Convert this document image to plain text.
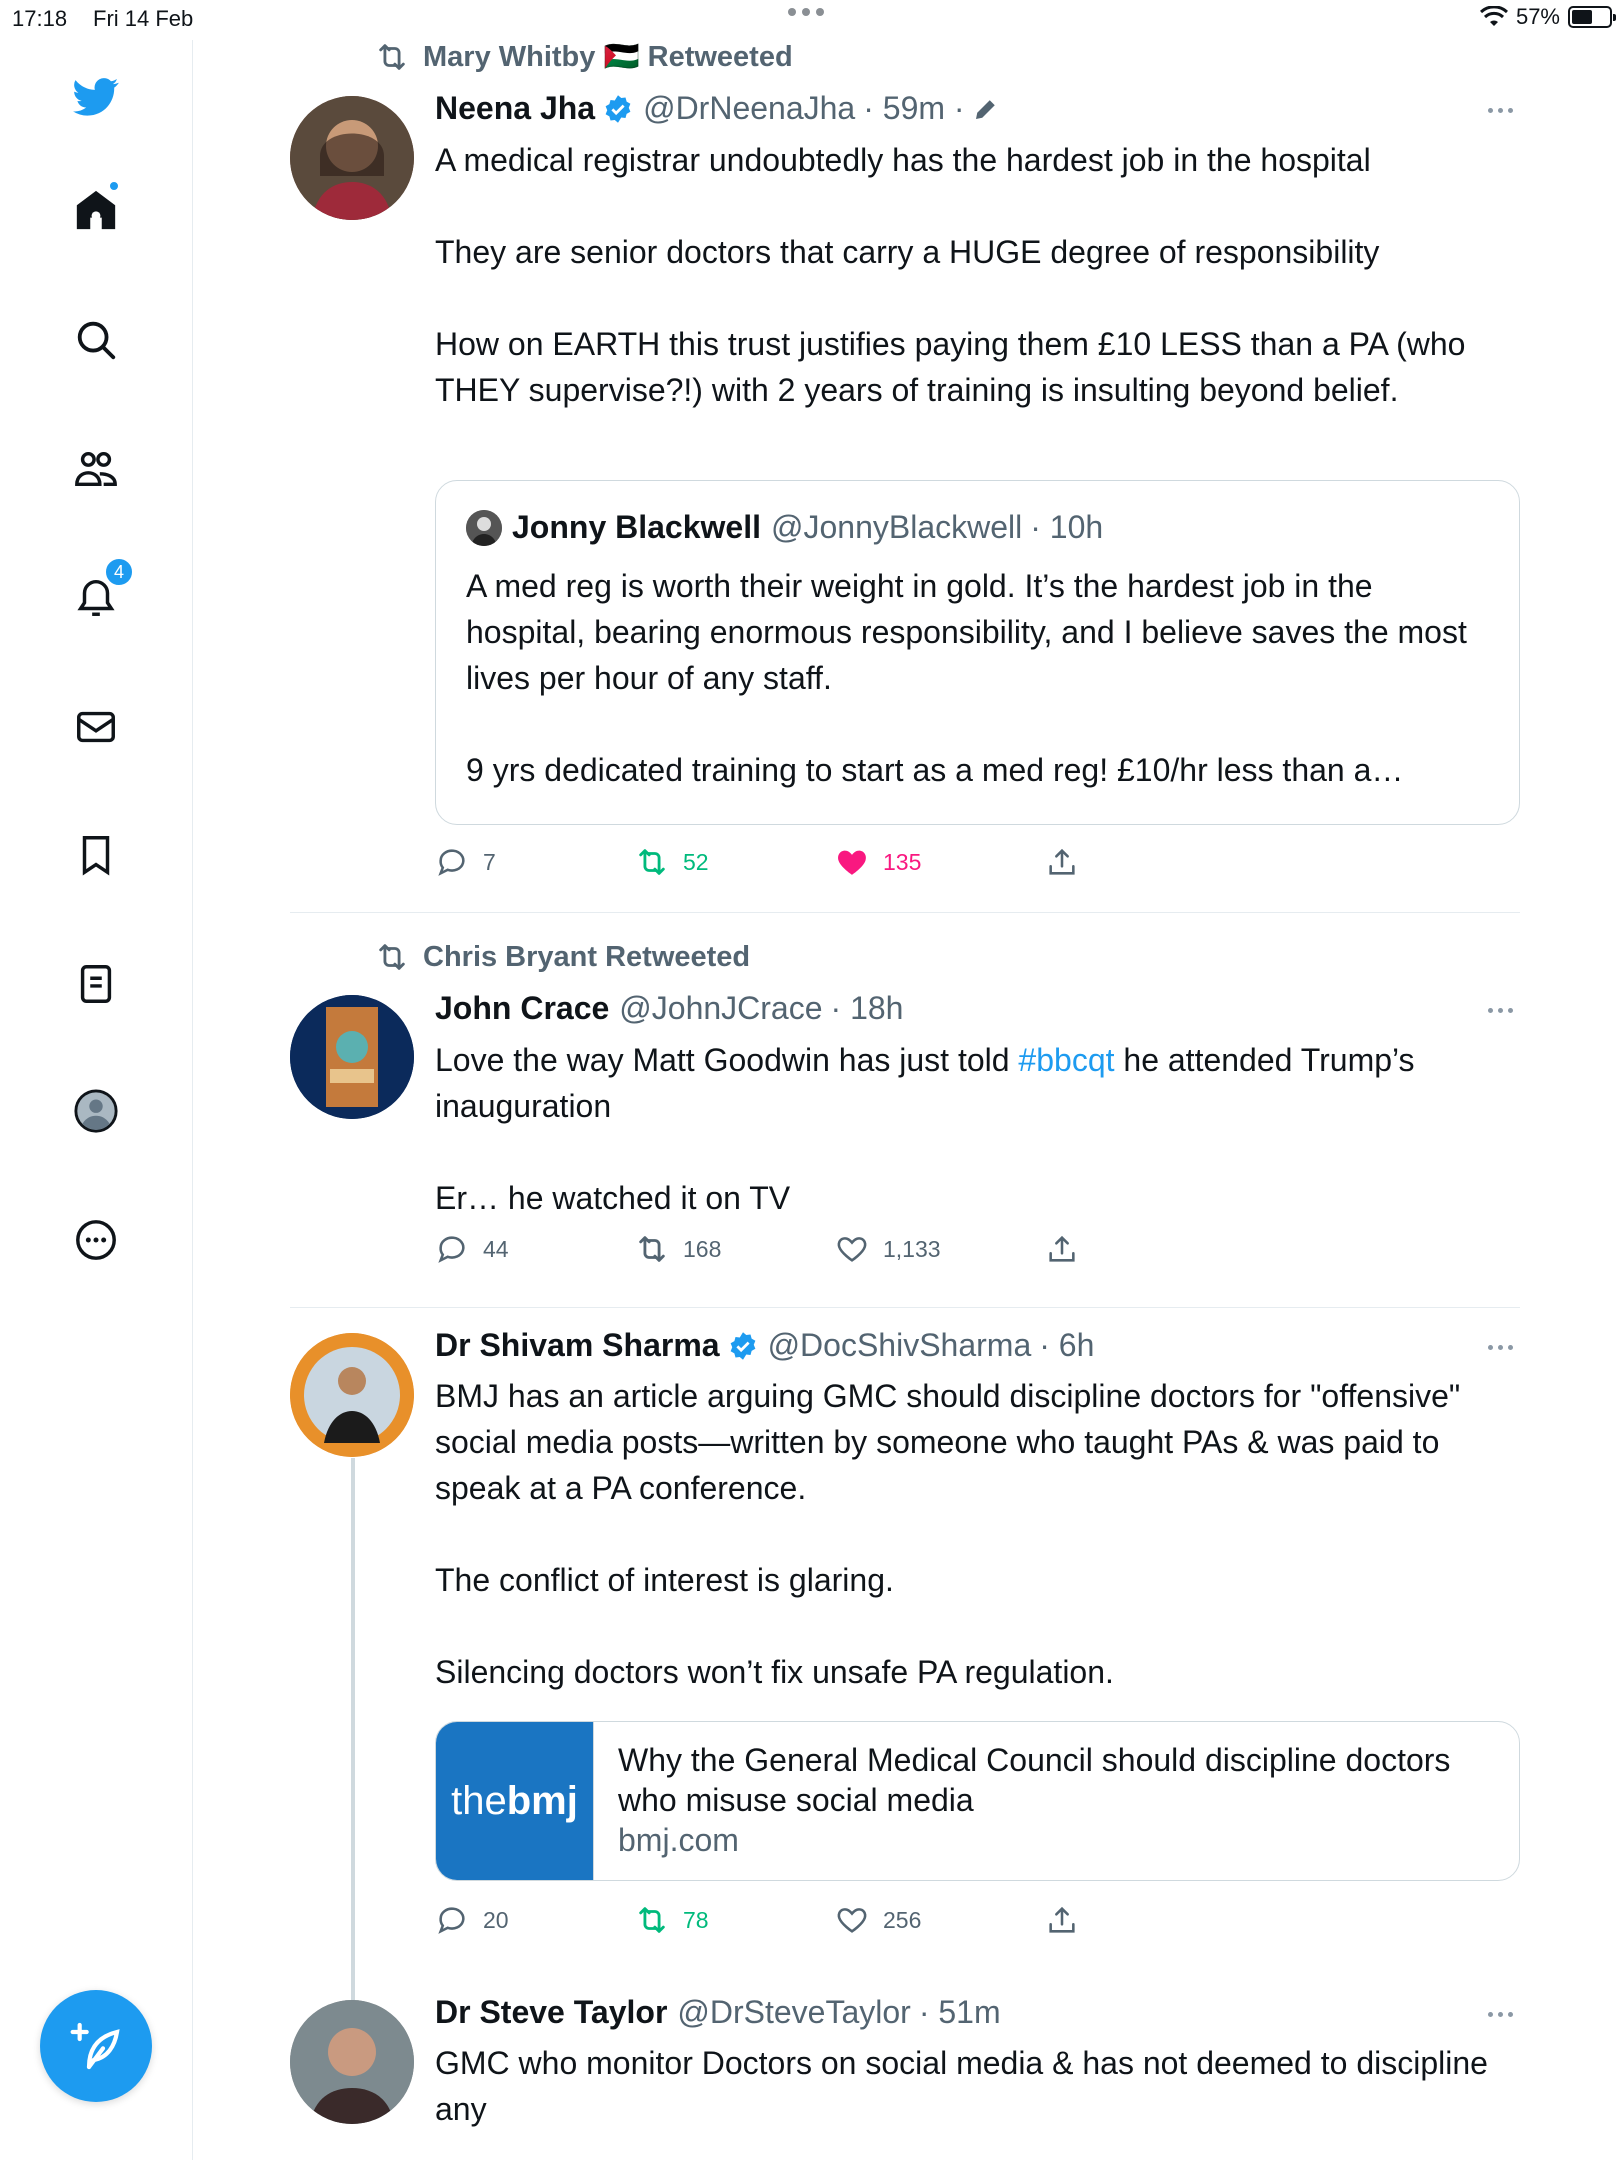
17:18 Fri 14 Feb	57%
4
Mary Whitby 🇵🇸 Retweeted
Neena Jha @DrNeenaJha · 59m ·

A medical registrar undoubtedly has the hardest job in the hospital

They are senior doctors that carry a HUGE degree of responsibility

How on EARTH this trust justifies paying them £10 LESS than a PA (who THEY supervise?!) with 2 years of training is insulting beyond belief.

Jonny Blackwell @JonnyBlackwell · 10h

A med reg is worth their weight in gold. It’s the hardest job in the hospital, bearing enormous responsibility, and I believe saves the most lives per hour of any staff.

9 yrs dedicated training to start as a med reg! £10/hr less than a…

7	52	135
Chris Bryant Retweeted
John Crace @JohnJCrace · 18h

Love the way Matt Goodwin has just told #bbcqt he attended Trump’s inauguration

Er… he watched it on TV

44	168	1,133
Dr Shivam Sharma @DocShivSharma · 6h

BMJ has an article arguing GMC should discipline doctors for "offensive" social media posts—written by someone who taught PAs & was paid to speak at a PA conference.

The conflict of interest is glaring.

Silencing doctors won’t fix unsafe PA regulation.

the bmj
Why the General Medical Council should discipline doctors who misuse social media
bmj.com
20	78	256
Dr Steve Taylor @DrSteveTaylor · 51m

GMC who monitor Doctors on social media & has not deemed to discipline any
